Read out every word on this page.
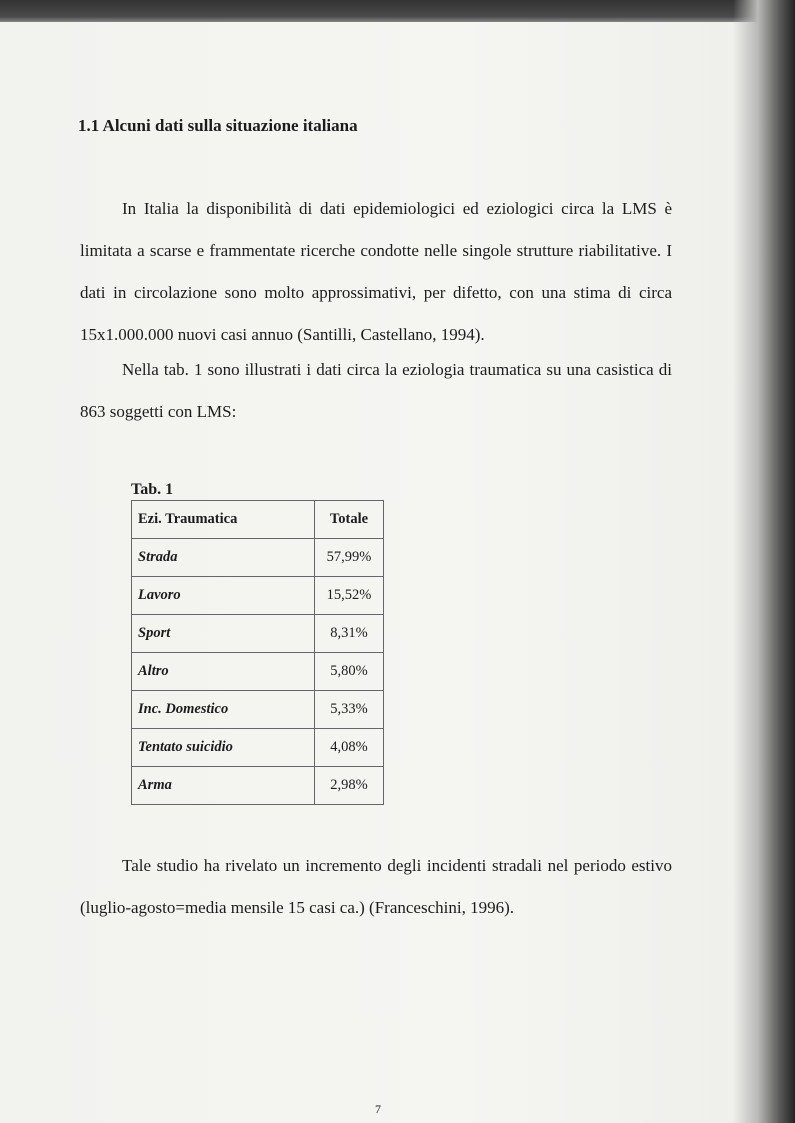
1.1 Alcuni dati sulla situazione italiana

In Italia la disponibilità di dati epidemiologici ed eziologici circa la LMS è limitata a scarse e frammentate ricerche condotte nelle singole strutture riabilitative. I dati in circolazione sono molto approssimativi, per difetto, con una stima di circa 15x1.000.000 nuovi casi annuo (Santilli, Castellano, 1994).

Nella tab. 1 sono illustrati i dati circa la eziologia traumatica su una casistica di 863 soggetti con LMS:

Tab. 1
Ezi. Traumatica	Totale
Strada	57,99%
Lavoro	15,52%
Sport	8,31%
Altro	5,80%
Inc. Domestico	5,33%
Tentato suicidio	4,08%
Arma	2,98%

Tale studio ha rivelato un incremento degli incidenti stradali nel periodo estivo (luglio-agosto=media mensile 15 casi ca.) (Franceschini, 1996).

7
